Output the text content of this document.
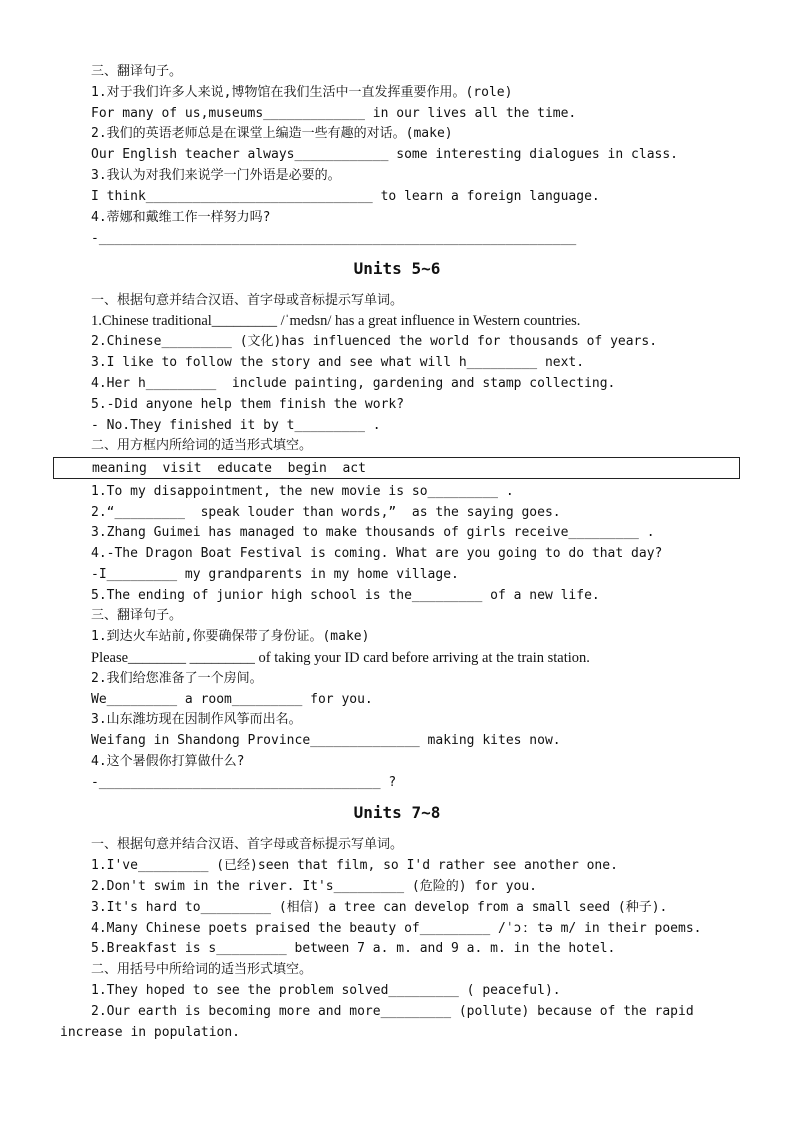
三、翻译句子。
1.对于我们许多人来说,博物馆在我们生活中一直发挥重要作用。(role)
For many of us,museums_____________ in our lives all the time.
2.我们的英语老师总是在课堂上编造一些有趣的对话。(make)
Our English teacher always____________ some interesting dialogues in class.
3.我认为对我们来说学一门外语是必要的。
I think_____________________________ to learn a foreign language.
4.蒂娜和戴维工作一样努力吗?
-_____________________________________________________________
Units 5~6
一、根据句意并结合汉语、首字母或音标提示写单词。
1.Chinese traditional_________ /ˈmedsn/ has a great influence in Western countries.
2.Chinese_________ (文化)has influenced the world for thousands of years.
3.I like to follow the story and see what will h_________ next.
4.Her h_________  include painting, gardening and stamp collecting.
5.-Did anyone help them finish the work?
- No.They finished it by t_________ .
二、用方框内所给词的适当形式填空。
meaning  visit  educate  begin  act
1.To my disappointment, the new movie is so_________ .
2.“_________  speak louder than words,”  as the saying goes.
3.Zhang Guimei has managed to make thousands of girls receive_________ .
4.-The Dragon Boat Festival is coming. What are you going to do that day?
-I_________ my grandparents in my home village.
5.The ending of junior high school is the_________ of a new life.
三、翻译句子。
1.到达火车站前,你要确保带了身份证。(make)
Please________ _________ of taking your ID card before arriving at the train station.
2.我们给您准备了一个房间。
We_________ a room_________ for you.
3.山东潍坊现在因制作风筝而出名。
Weifang in Shandong Province______________ making kites now.
4.这个暑假你打算做什么?
-____________________________________ ?
Units 7~8
一、根据句意并结合汉语、首字母或音标提示写单词。
1.I've_________ (已经)seen that film, so I'd rather see another one.
2.Don't swim in the river. It's_________ (危险的) for you.
3.It's hard to_________ (相信) a tree can develop from a small seed (种子).
4.Many Chinese poets praised the beauty of_________ /ˈɔː tə m/ in their poems.
5.Breakfast is s_________ between 7 a. m. and 9 a. m. in the hotel.
二、用括号中所给词的适当形式填空。
1.They hoped to see the problem solved_________ ( peaceful).
2.Our earth is becoming more and more_________ (pollute) because of the rapid
increase in population.
